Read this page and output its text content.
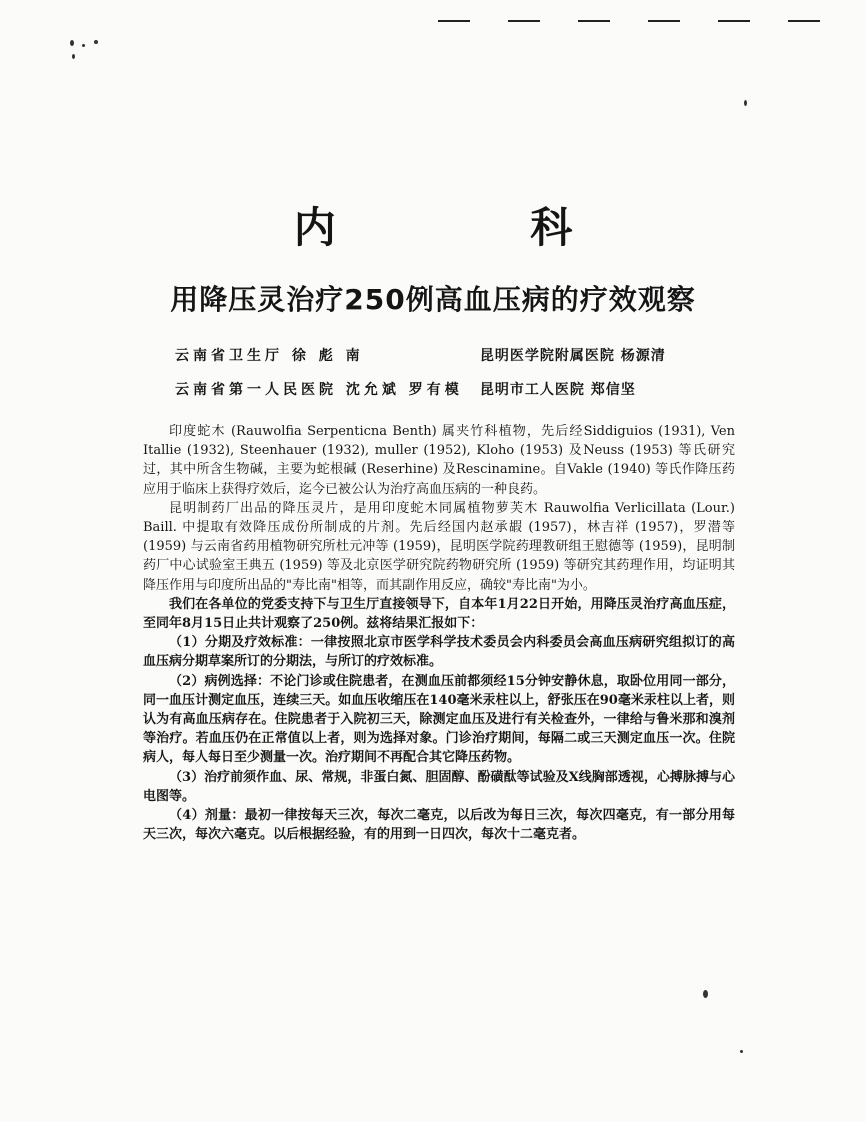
内 科
用降压灵治疗250例高血压病的疗效观察
云南省卫生厅 徐 彪 南	昆明医学院附属医院 杨源清
云南省第一人民医院 沈允斌 罗有模 昆明市工人医院 郑信坚

印度蛇木 (Rauwolfia Serpenticna Benth) 属夹竹科植物，先后经Siddiguios (1931), Ven Itallie (1932), Steenhauer (1932), muller (1952), Kloho (1953) 及Neuss (1953) 等氏研究过，其中所含生物碱，主要为蛇根碱 (Reserhine) 及Rescinamine。自Vakle (1940) 等氏作降压药应用于临床上获得疗效后，迄今已被公认为治疗高血压病的一种良药。

昆明制药厂出品的降压灵片，是用印度蛇木同属植物萝芙木 Rauwolfia Verlicillata (Lour.) Baill. 中提取有效降压成份所制成的片剂。先后经国内赵承嘏 (1957)，林吉祥 (1957)，罗潜等 (1959) 与云南省药用植物研究所杜元冲等 (1959)，昆明医学院药理教研组王慰德等 (1959)，昆明制药厂中心试验室王典五 (1959) 等及北京医学研究院药物研究所 (1959) 等研究其药理作用，均证明其降压作用与印度所出品的"寿比南"相等，而其副作用反应，确较"寿比南"为小。

我们在各单位的党委支持下与卫生厅直接领导下，自本年1月22日开始，用降压灵治疗高血压症，至同年8月15日止共计观察了250例。兹将结果汇报如下：

（1）分期及疗效标准：一律按照北京市医学科学技术委员会内科委员会高血压病研究组拟订的高血压病分期草案所订的分期法，与所订的疗效标准。

（2）病例选择：不论门诊或住院患者，在测血压前都须经15分钟安静休息，取卧位用同一部分，同一血压计测定血压，连续三天。如血压收缩压在140毫米汞柱以上，舒张压在90毫米汞柱以上者，则认为有高血压病存在。住院患者于入院初三天，除测定血压及进行有关检查外，一律给与鲁米那和溴剂等治疗。若血压仍在正常值以上者，则为选择对象。门诊治疗期间，每隔二或三天测定血压一次。住院病人，每人每日至少测量一次。治疗期间不再配合其它降压药物。

（3）治疗前须作血、尿、常规，非蛋白氮、胆固醇、酚磺酞等试验及X线胸部透视，心搏脉搏与心电图等。

（4）剂量：最初一律按每天三次，每次二毫克，以后改为每日三次，每次四毫克，有一部分用每天三次，每次六毫克。以后根据经验，有的用到一日四次，每次十二毫克者。
